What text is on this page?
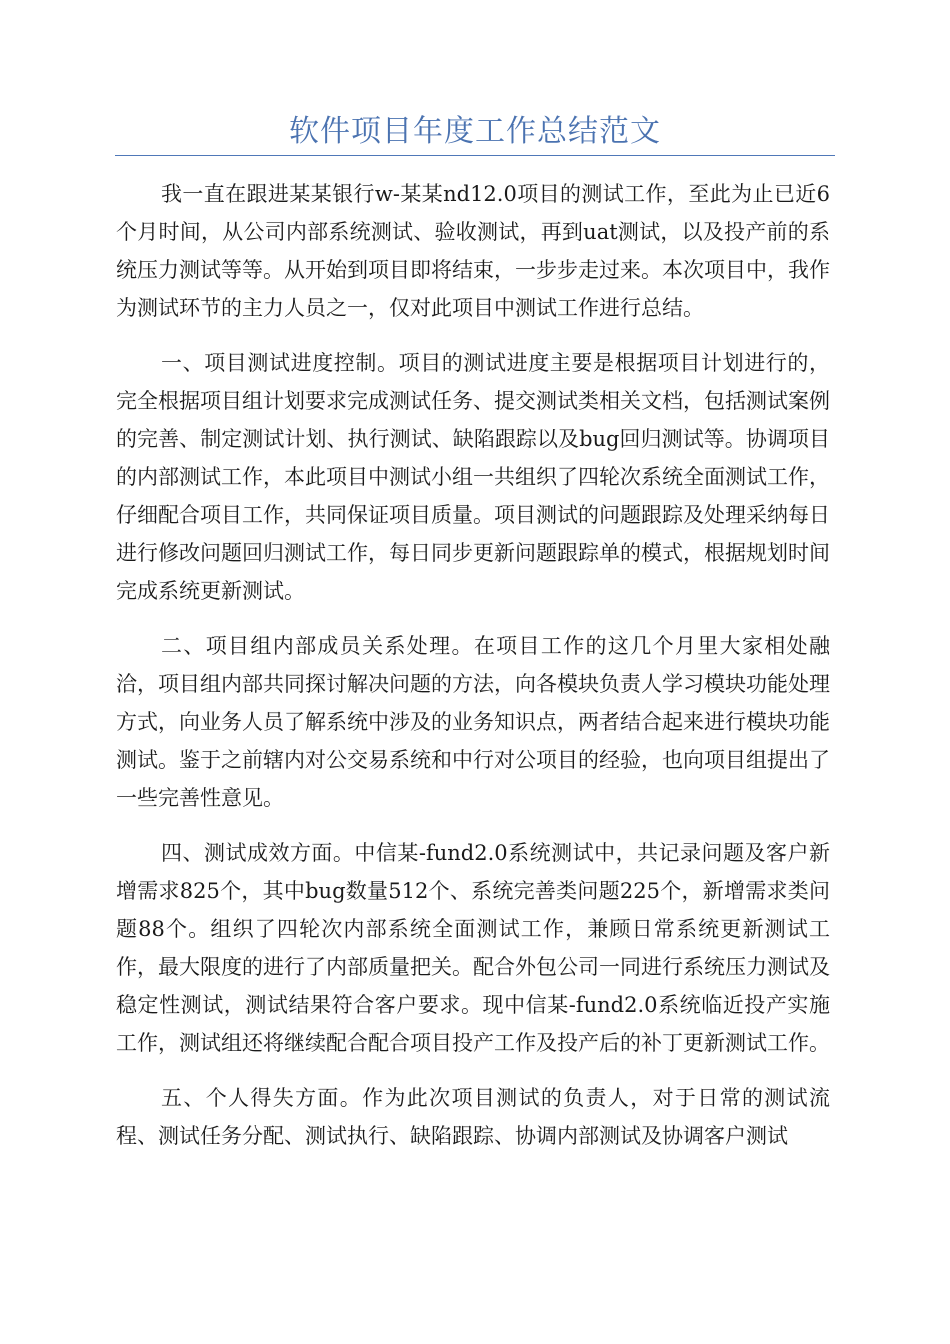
软件项目年度工作总结范文

我一直在跟进某某银行w-某某nd12.0项目的测试工作，至此为止已近6个月时间，从公司内部系统测试、验收测试，再到uat测试，以及投产前的系统压力测试等等。从开始到项目即将结束，一步步走过来。本次项目中，我作为测试环节的主力人员之一，仅对此项目中测试工作进行总结。

一、项目测试进度控制。项目的测试进度主要是根据项目计划进行的，完全根据项目组计划要求完成测试任务、提交测试类相关文档，包括测试案例的完善、制定测试计划、执行测试、缺陷跟踪以及bug回归测试等。协调项目的内部测试工作，本此项目中测试小组一共组织了四轮次系统全面测试工作，仔细配合项目工作，共同保证项目质量。项目测试的问题跟踪及处理采纳每日进行修改问题回归测试工作，每日同步更新问题跟踪单的模式，根据规划时间完成系统更新测试。

二、项目组内部成员关系处理。在项目工作的这几个月里大家相处融洽，项目组内部共同探讨解决问题的方法，向各模块负责人学习模块功能处理方式，向业务人员了解系统中涉及的业务知识点，两者结合起来进行模块功能测试。鉴于之前辖内对公交易系统和中行对公项目的经验，也向项目组提出了一些完善性意见。

四、测试成效方面。中信某-fund2.0系统测试中，共记录问题及客户新增需求825个，其中bug数量512个、系统完善类问题225个，新增需求类问题88个。组织了四轮次内部系统全面测试工作，兼顾日常系统更新测试工作，最大限度的进行了内部质量把关。配合外包公司一同进行系统压力测试及稳定性测试，测试结果符合客户要求。现中信某-fund2.0系统临近投产实施工作，测试组还将继续配合配合项目投产工作及投产后的补丁更新测试工作。

五、个人得失方面。作为此次项目测试的负责人，对于日常的测试流程、测试任务分配、测试执行、缺陷跟踪、协调内部测试及协调客户测试
